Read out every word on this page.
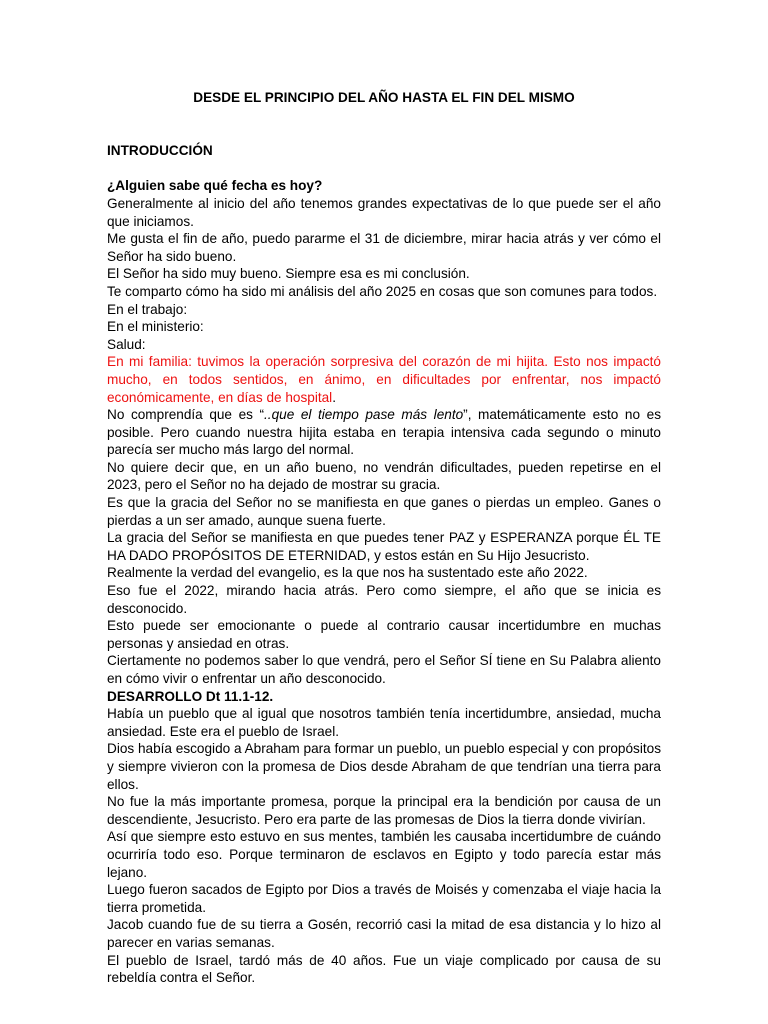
DESDE EL PRINCIPIO DEL AÑO HASTA EL FIN DEL MISMO
INTRODUCCIÓN

¿Alguien sabe qué fecha es hoy?

Generalmente al inicio del año tenemos grandes expectativas de lo que puede ser el año que iniciamos.

Me gusta el fin de año, puedo pararme el 31 de diciembre, mirar hacia atrás y ver cómo el Señor ha sido bueno.

El Señor ha sido muy bueno. Siempre esa es mi conclusión.

Te comparto cómo ha sido mi análisis del año 2025 en cosas que son comunes para todos.

En el trabajo:

En el ministerio:

Salud:

En mi familia: tuvimos la operación sorpresiva del corazón de mi hijita. Esto nos impactó mucho, en todos sentidos, en ánimo, en dificultades por enfrentar, nos impactó económicamente, en días de hospital.

No comprendía que es “..que el tiempo pase más lento”, matemáticamente esto no es posible. Pero cuando nuestra hijita estaba en terapia intensiva cada segundo o minuto parecía ser mucho más largo del normal.

No quiere decir que, en un año bueno, no vendrán dificultades, pueden repetirse en el 2023, pero el Señor no ha dejado de mostrar su gracia.

Es que la gracia del Señor no se manifiesta en que ganes o pierdas un empleo. Ganes o pierdas a un ser amado, aunque suena fuerte.

La gracia del Señor se manifiesta en que puedes tener PAZ y ESPERANZA porque ÉL TE HA DADO PROPÓSITOS DE ETERNIDAD, y estos están en Su Hijo Jesucristo.

Realmente la verdad del evangelio, es la que nos ha sustentado este año 2022.

Eso fue el 2022, mirando hacia atrás. Pero como siempre, el año que se inicia es desconocido.

Esto puede ser emocionante o puede al contrario causar incertidumbre en muchas personas y ansiedad en otras.

Ciertamente no podemos saber lo que vendrá, pero el Señor SÍ tiene en Su Palabra aliento en cómo vivir o enfrentar un año desconocido.

DESARROLLO Dt 11.1-12.

Había un pueblo que al igual que nosotros también tenía incertidumbre, ansiedad, mucha ansiedad. Este era el pueblo de Israel.

Dios había escogido a Abraham para formar un pueblo, un pueblo especial y con propósitos y siempre vivieron con la promesa de Dios desde Abraham de que tendrían una tierra para ellos.

No fue la más importante promesa, porque la principal era la bendición por causa de un descendiente, Jesucristo. Pero era parte de las promesas de Dios la tierra donde vivirían.

Así que siempre esto estuvo en sus mentes, también les causaba incertidumbre de cuándo ocurriría todo eso. Porque terminaron de esclavos en Egipto y todo parecía estar más lejano.

Luego fueron sacados de Egipto por Dios a través de Moisés y comenzaba el viaje hacia la tierra prometida.

Jacob cuando fue de su tierra a Gosén, recorrió casi la mitad de esa distancia y lo hizo al parecer en varias semanas.

El pueblo de Israel, tardó más de 40 años. Fue un viaje complicado por causa de su rebeldía contra el Señor.
